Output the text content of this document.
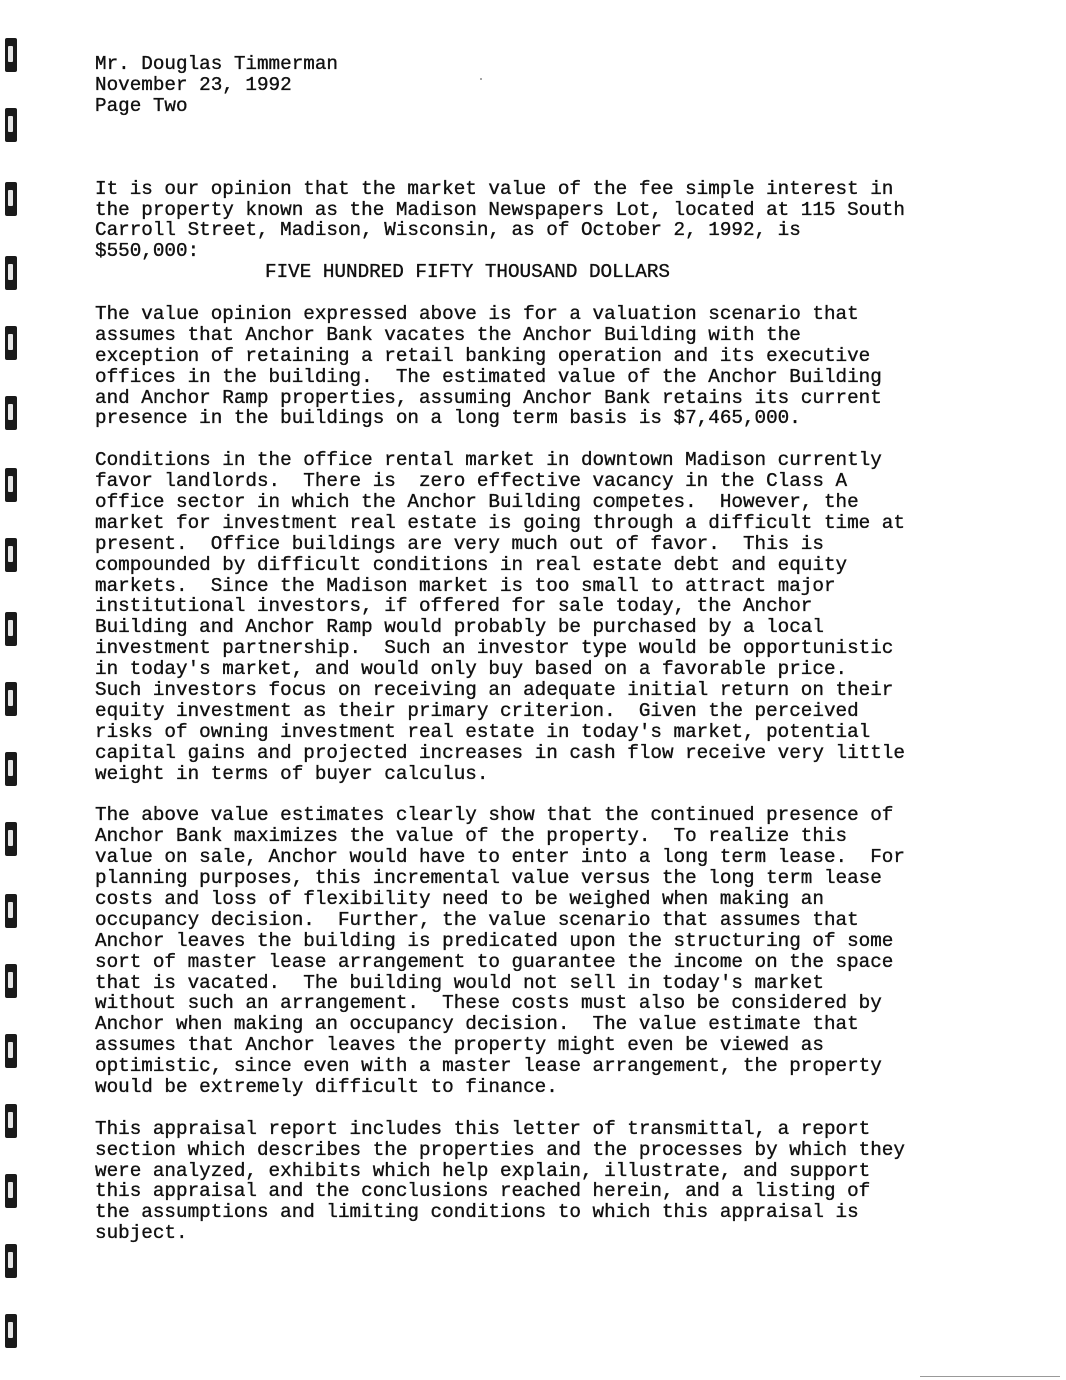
Mr. Douglas Timmerman
November 23, 1992
Page Two
It is our opinion that the market value of the fee simple interest in
the property known as the Madison Newspapers Lot, located at 115 South
Carroll Street, Madison, Wisconsin, as of October 2, 1992, is
$550,000:
FIVE HUNDRED FIFTY THOUSAND DOLLARS
The value opinion expressed above is for a valuation scenario that
assumes that Anchor Bank vacates the Anchor Building with the
exception of retaining a retail banking operation and its executive
offices in the building.  The estimated value of the Anchor Building
and Anchor Ramp properties, assuming Anchor Bank retains its current
presence in the buildings on a long term basis is $7,465,000.
Conditions in the office rental market in downtown Madison currently
favor landlords.  There is  zero effective vacancy in the Class A
office sector in which the Anchor Building competes.  However, the
market for investment real estate is going through a difficult time at
present.  Office buildings are very much out of favor.  This is
compounded by difficult conditions in real estate debt and equity
markets.  Since the Madison market is too small to attract major
institutional investors, if offered for sale today, the Anchor
Building and Anchor Ramp would probably be purchased by a local
investment partnership.  Such an investor type would be opportunistic
in today's market, and would only buy based on a favorable price.
Such investors focus on receiving an adequate initial return on their
equity investment as their primary criterion.  Given the perceived
risks of owning investment real estate in today's market, potential
capital gains and projected increases in cash flow receive very little
weight in terms of buyer calculus.
The above value estimates clearly show that the continued presence of
Anchor Bank maximizes the value of the property.  To realize this
value on sale, Anchor would have to enter into a long term lease.  For
planning purposes, this incremental value versus the long term lease
costs and loss of flexibility need to be weighed when making an
occupancy decision.  Further, the value scenario that assumes that
Anchor leaves the building is predicated upon the structuring of some
sort of master lease arrangement to guarantee the income on the space
that is vacated.  The building would not sell in today's market
without such an arrangement.  These costs must also be considered by
Anchor when making an occupancy decision.  The value estimate that
assumes that Anchor leaves the property might even be viewed as
optimistic, since even with a master lease arrangement, the property
would be extremely difficult to finance.
This appraisal report includes this letter of transmittal, a report
section which describes the properties and the processes by which they
were analyzed, exhibits which help explain, illustrate, and support
this appraisal and the conclusions reached herein, and a listing of
the assumptions and limiting conditions to which this appraisal is
subject.
